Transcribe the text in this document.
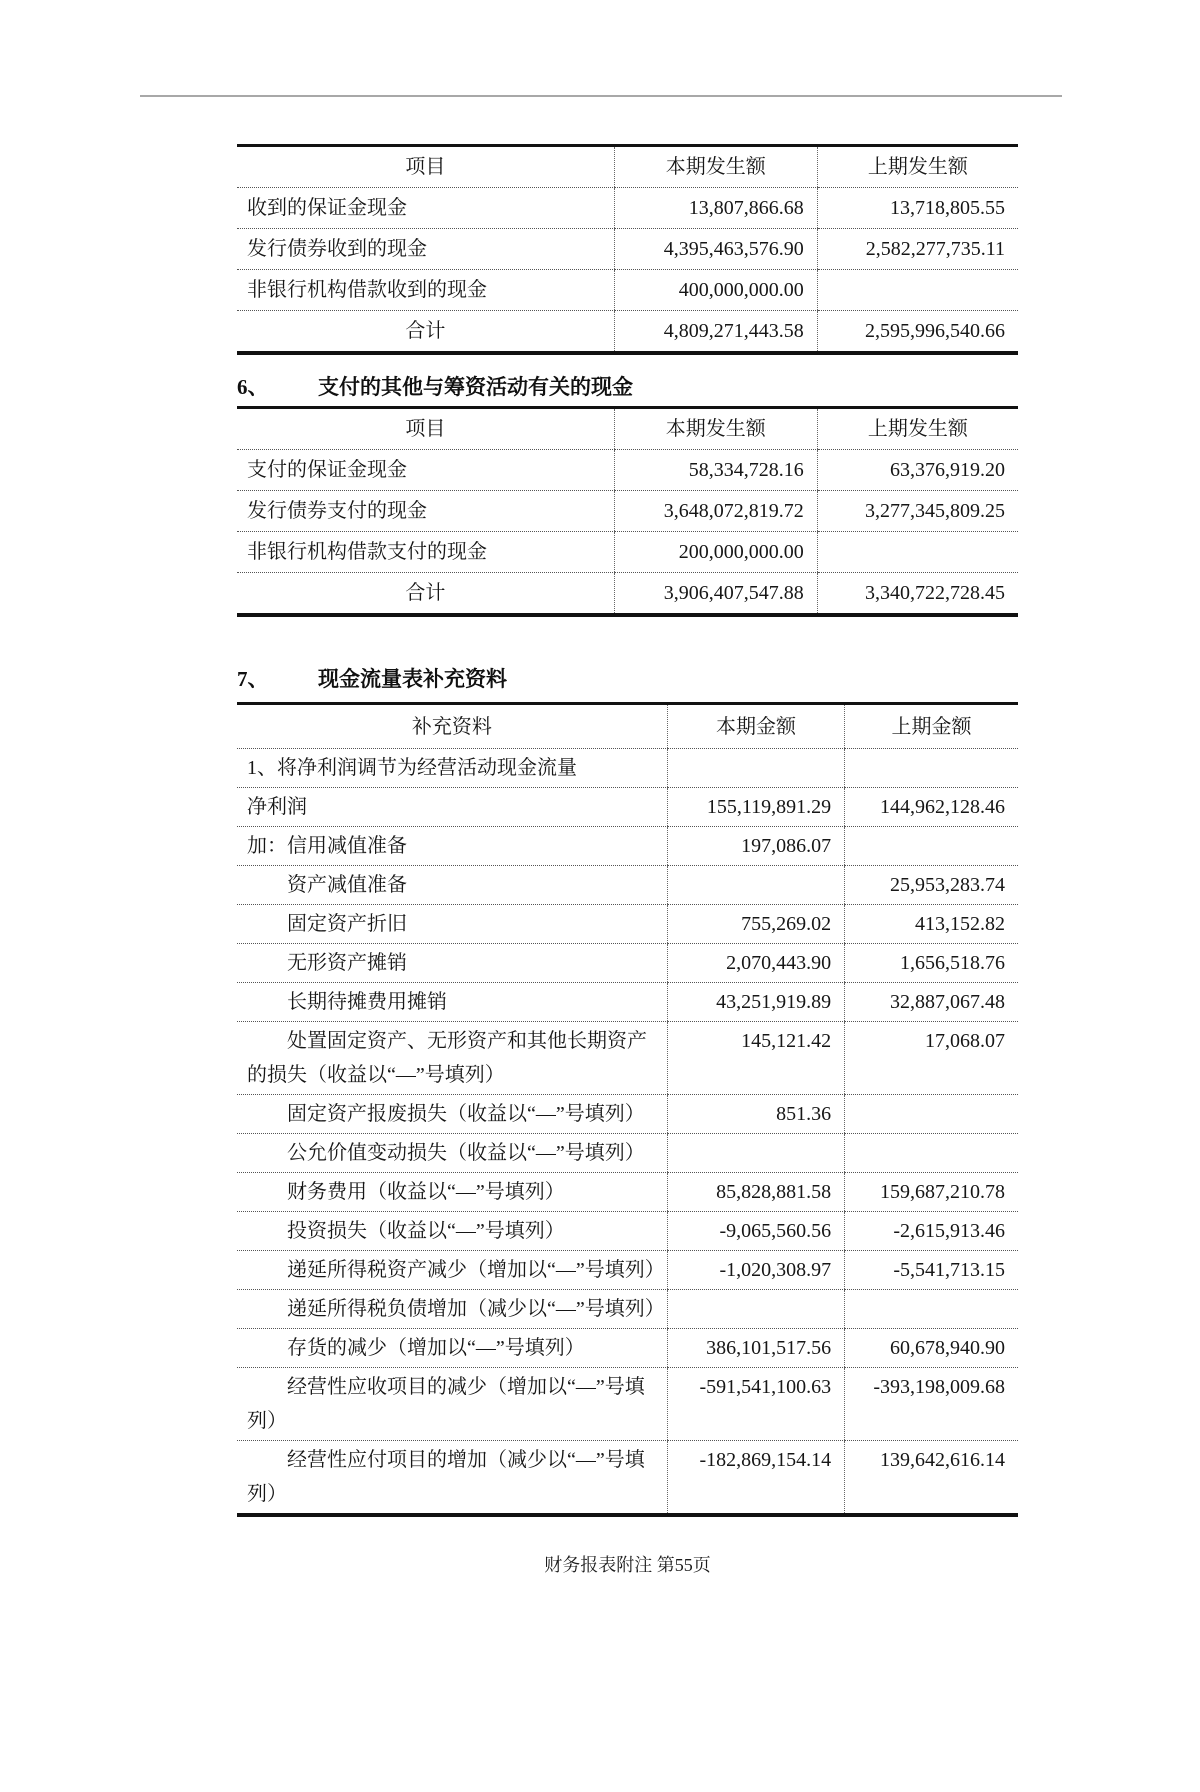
项目	本期发生额	上期发生额
收到的保证金现金	13,807,866.68	13,718,805.55
发行债券收到的现金	4,395,463,576.90	2,582,277,735.11
非银行机构借款收到的现金	400,000,000.00	
合计	4,809,271,443.58	2,595,996,540.66
6、 支付的其他与筹资活动有关的现金
项目	本期发生额	上期发生额
支付的保证金现金	58,334,728.16	63,376,919.20
发行债券支付的现金	3,648,072,819.72	3,277,345,809.25
非银行机构借款支付的现金	200,000,000.00	
合计	3,906,407,547.88	3,340,722,728.45
7、 现金流量表补充资料
补充资料	本期金额	上期金额
1、将净利润调节为经营活动现金流量		
净利润	155,119,891.29	144,962,128.46
加：信用减值准备	197,086.07	
资产减值准备		25,953,283.74
固定资产折旧	755,269.02	413,152.82
无形资产摊销	2,070,443.90	1,656,518.76
长期待摊费用摊销	43,251,919.89	32,887,067.48
处置固定资产、无形资产和其他长期资产的损失（收益以“—”号填列）	145,121.42	17,068.07
固定资产报废损失（收益以“—”号填列）	851.36	
公允价值变动损失（收益以“—”号填列）		
财务费用（收益以“—”号填列）	85,828,881.58	159,687,210.78
投资损失（收益以“—”号填列）	-9,065,560.56	-2,615,913.46
递延所得税资产减少（增加以“—”号填列）	-1,020,308.97	-5,541,713.15
递延所得税负债增加（减少以“—”号填列）		
存货的减少（增加以“—”号填列）	386,101,517.56	60,678,940.90
经营性应收项目的减少（增加以“—”号填列）	-591,541,100.63	-393,198,009.68
经营性应付项目的增加（减少以“—”号填列）	-182,869,154.14	139,642,616.14
财务报表附注 第55页
